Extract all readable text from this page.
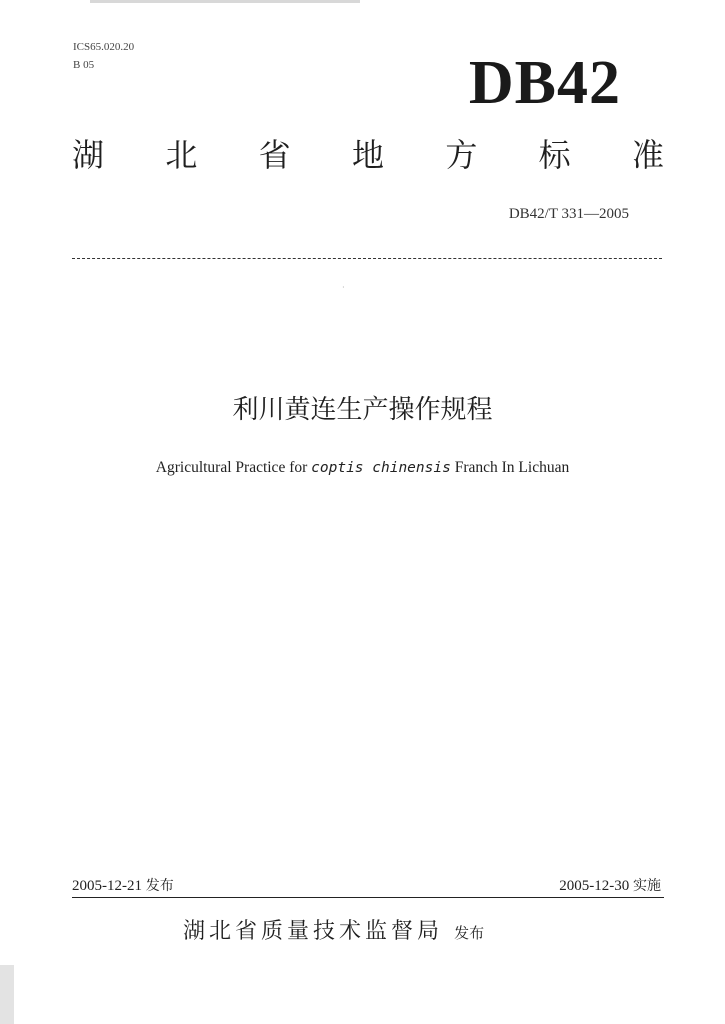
ICS65.020.20
B 05	DB42
湖 北 省 地 方 标 准
DB42/T 331—2005
·
利川黄连生产操作规程
Agricultural Practice for coptis chinensis Franch In Lichuan
2005-12-21 发布	2005-12-30 实施
湖北省质量技术监督局 发布
